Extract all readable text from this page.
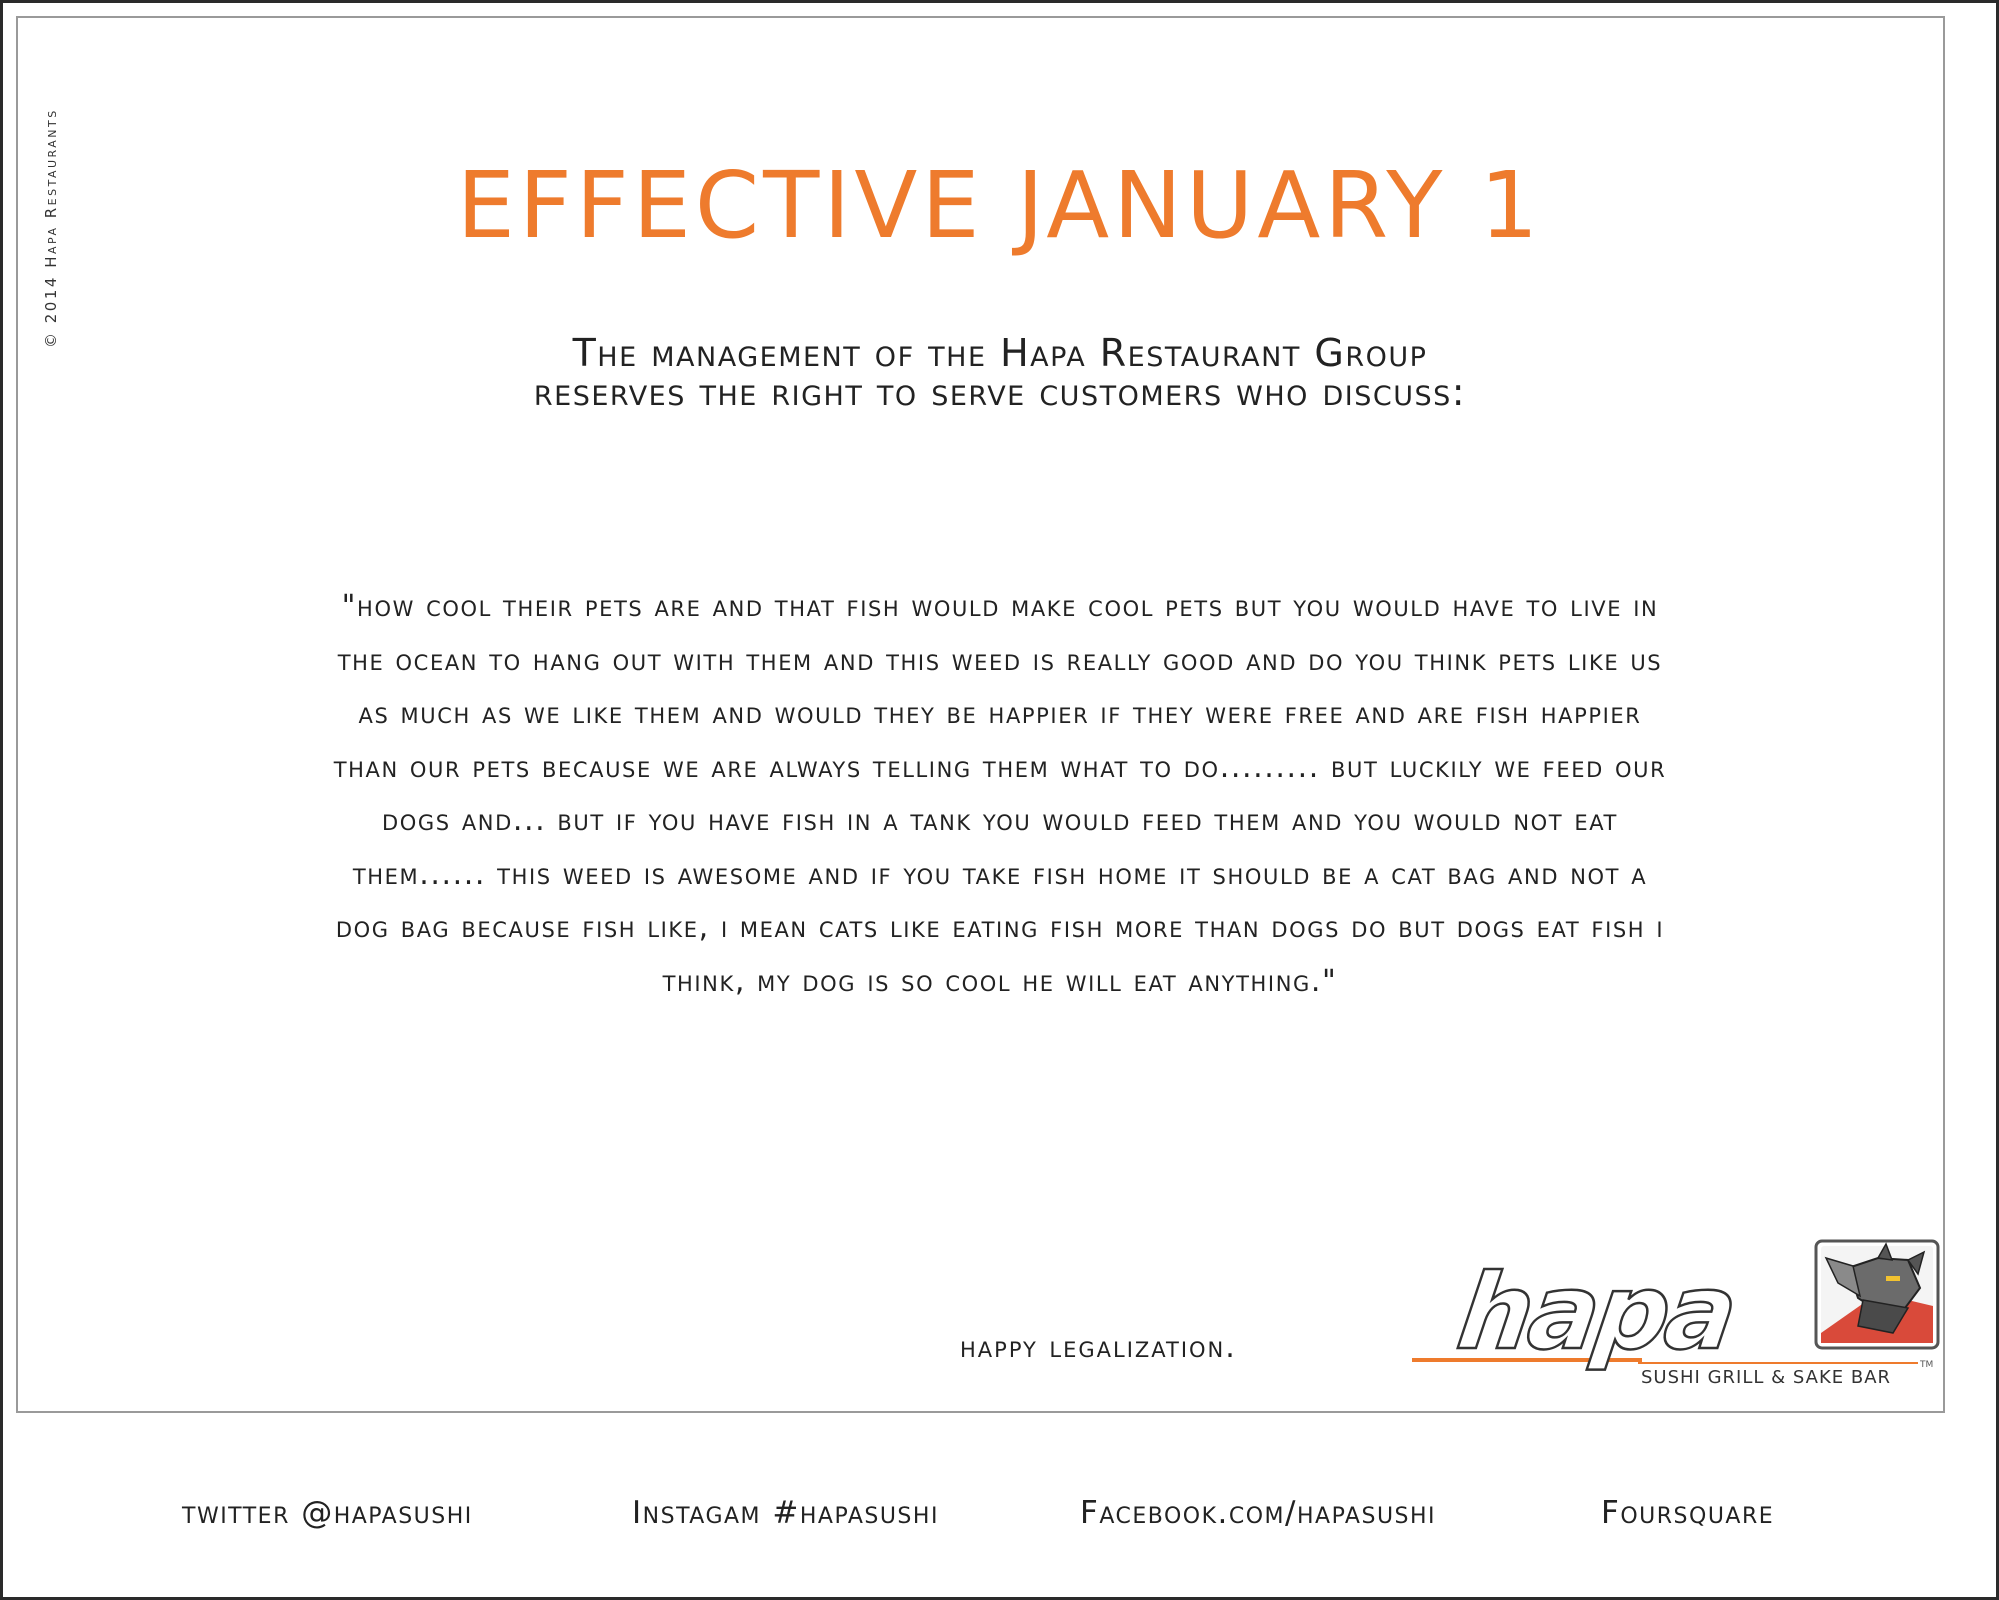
© 2014 Hapa Restaurants	EFFECTIVE JANUARY 1
The management of the Hapa Restaurant Group reserves the right to serve customers who discuss:
"how cool their pets are and that fish would make cool pets but you would have to live in the ocean to hang out with them and this weed is really good and do you think pets like us as much as we like them and would they be happier if they were free and are fish happier than our pets because we are always telling them what to do......... but luckily we feed our dogs and... but if you have fish in a tank you would feed them and you would not eat them...... this weed is awesome and if you take fish home it should be a cat bag and not a dog bag because fish like, i mean cats like eating fish more than dogs do but dogs eat fish i think, my dog is so cool he will eat anything."
happy legalization. hapa
SUSHI GRILL & SAKE BAR
TM
twitter @hapasushi	Instagam #hapasushi	Facebook.com/hapasushi	Foursquare
